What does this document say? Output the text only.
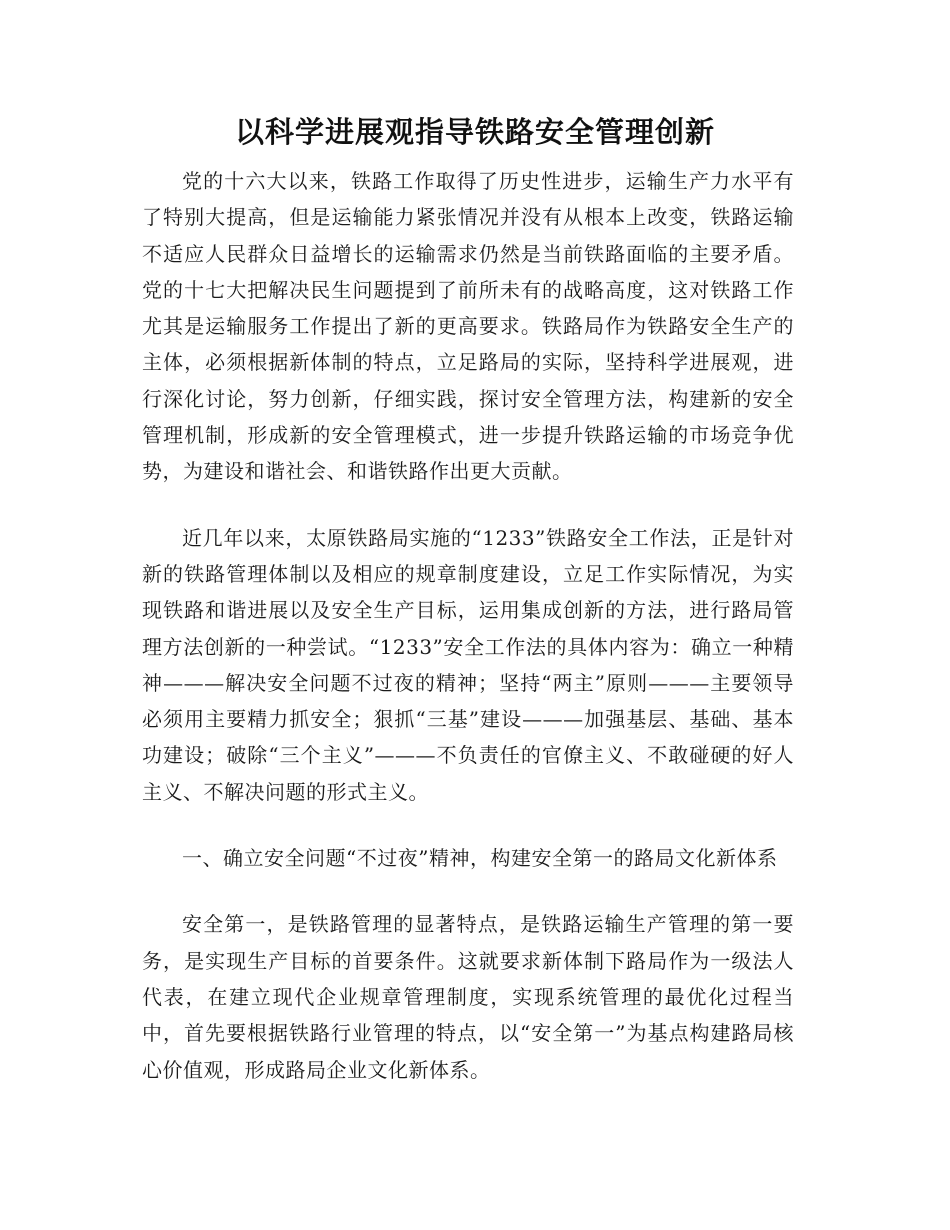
以科学进展观指导铁路安全管理创新

党的十六大以来，铁路工作取得了历史性进步，运输生产力水平有了特别大提高，但是运输能力紧张情况并没有从根本上改变，铁路运输不适应人民群众日益增长的运输需求仍然是当前铁路面临的主要矛盾。党的十七大把解决民生问题提到了前所未有的战略高度，这对铁路工作尤其是运输服务工作提出了新的更高要求。铁路局作为铁路安全生产的主体，必须根据新体制的特点，立足路局的实际，坚持科学进展观，进行深化讨论，努力创新，仔细实践，探讨安全管理方法，构建新的安全管理机制，形成新的安全管理模式，进一步提升铁路运输的市场竞争优势，为建设和谐社会、和谐铁路作出更大贡献。

近几年以来，太原铁路局实施的“1233”铁路安全工作法，正是针对新的铁路管理体制以及相应的规章制度建设，立足工作实际情况，为实现铁路和谐进展以及安全生产目标，运用集成创新的方法，进行路局管理方法创新的一种尝试。“1233”安全工作法的具体内容为：确立一种精神———解决安全问题不过夜的精神；坚持“两主”原则———主要领导必须用主要精力抓安全；狠抓“三基”建设———加强基层、基础、基本功建设；破除“三个主义”———不负责任的官僚主义、不敢碰硬的好人主义、不解决问题的形式主义。

一、确立安全问题“不过夜”精神，构建安全第一的路局文化新体系

安全第一，是铁路管理的显著特点，是铁路运输生产管理的第一要务，是实现生产目标的首要条件。这就要求新体制下路局作为一级法人代表，在建立现代企业规章管理制度，实现系统管理的最优化过程当中，首先要根据铁路行业管理的特点，以“安全第一”为基点构建路局核心价值观，形成路局企业文化新体系。
